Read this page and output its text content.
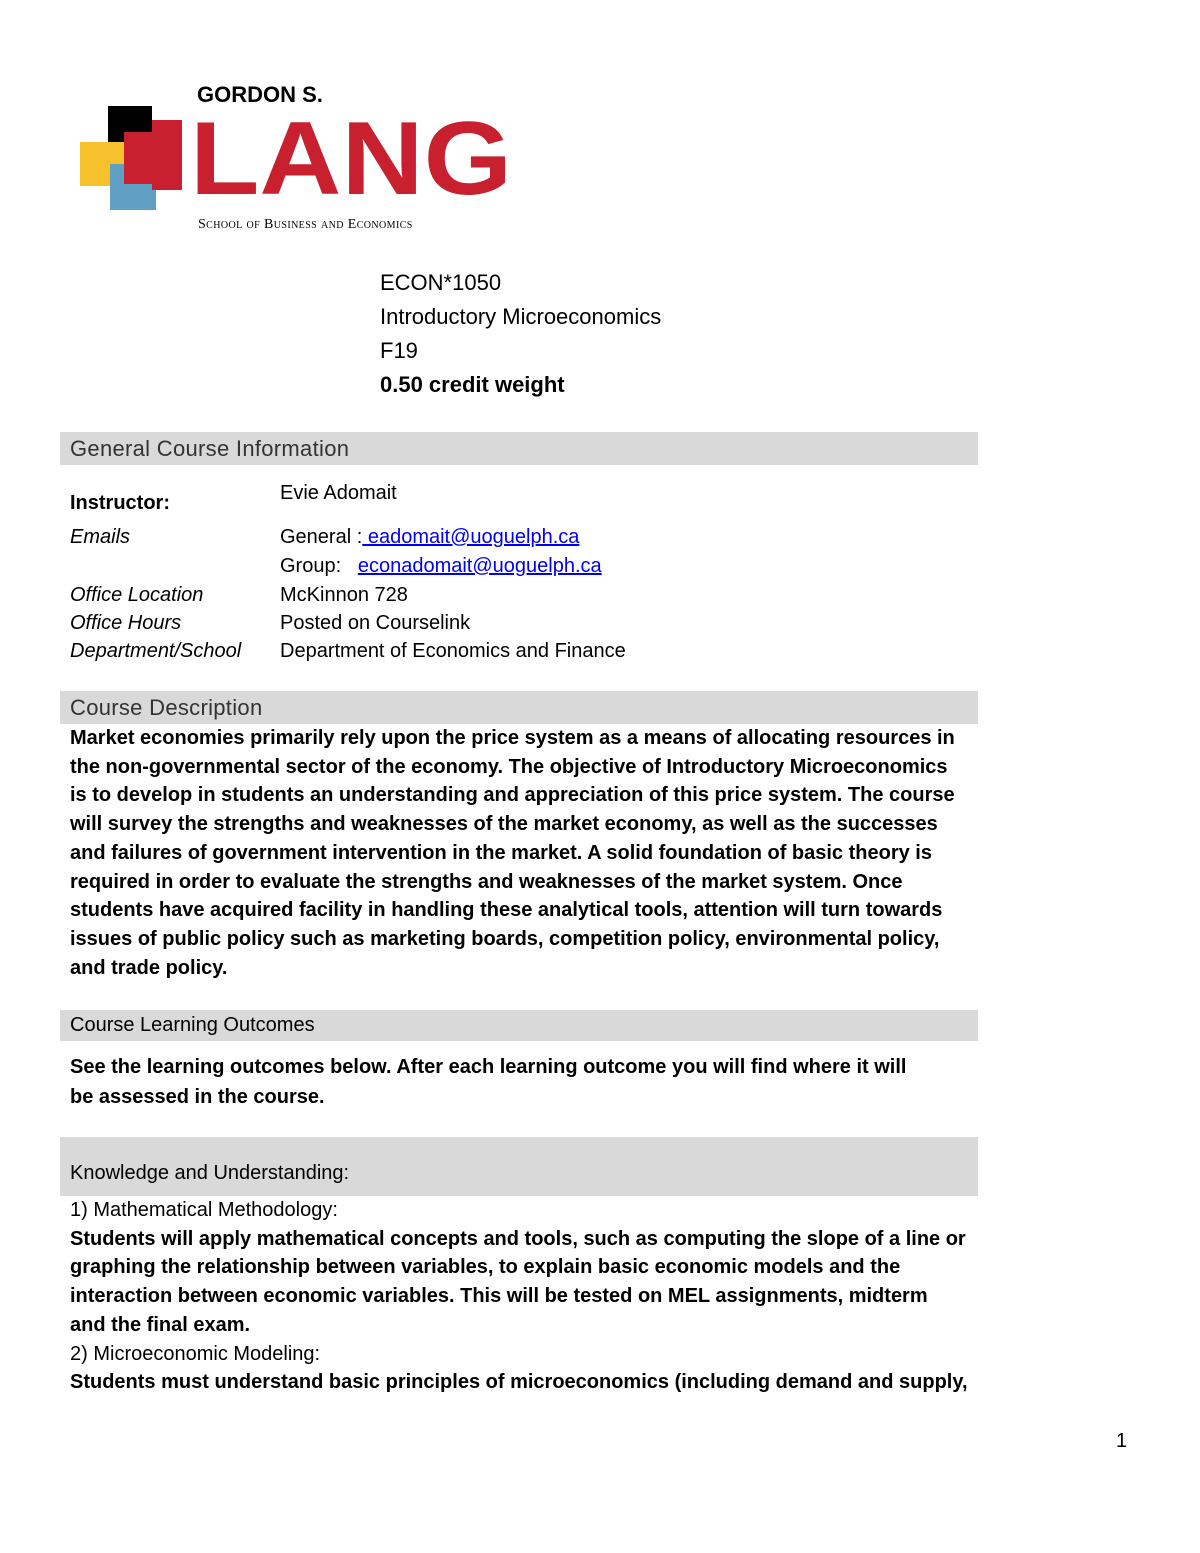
LANG
GORDON S.
School of Business and Economics
ECON*1050
Introductory Microeconomics
F19
0.50 credit weight
General Course Information
Instructor:	Evie Adomait
Emails	General : eadomait@uoguelph.ca
Group: econadomait@uoguelph.ca
Office Location	McKinnon 728
Office Hours	Posted on Courselink
Department/School	Department of Economics and Finance
Course Description
Market economies primarily rely upon the price system as a means of allocating resources in
the non-governmental sector of the economy. The objective of Introductory Microeconomics
is to develop in students an understanding and appreciation of this price system. The course
will survey the strengths and weaknesses of the market economy, as well as the successes
and failures of government intervention in the market. A solid foundation of basic theory is
required in order to evaluate the strengths and weaknesses of the market system. Once
students have acquired facility in handling these analytical tools, attention will turn towards
issues of public policy such as marketing boards, competition policy, environmental policy,
and trade policy.
Course Learning Outcomes
See the learning outcomes below. After each learning outcome you will find where it will
be assessed in the course.
Knowledge and Understanding:
1) Mathematical Methodology:
Students will apply mathematical concepts and tools, such as computing the slope of a line or
graphing the relationship between variables, to explain basic economic models and the
interaction between economic variables. This will be tested on MEL assignments, midterm
and the final exam.
2) Microeconomic Modeling:
Students must understand basic principles of microeconomics (including demand and supply,
1
